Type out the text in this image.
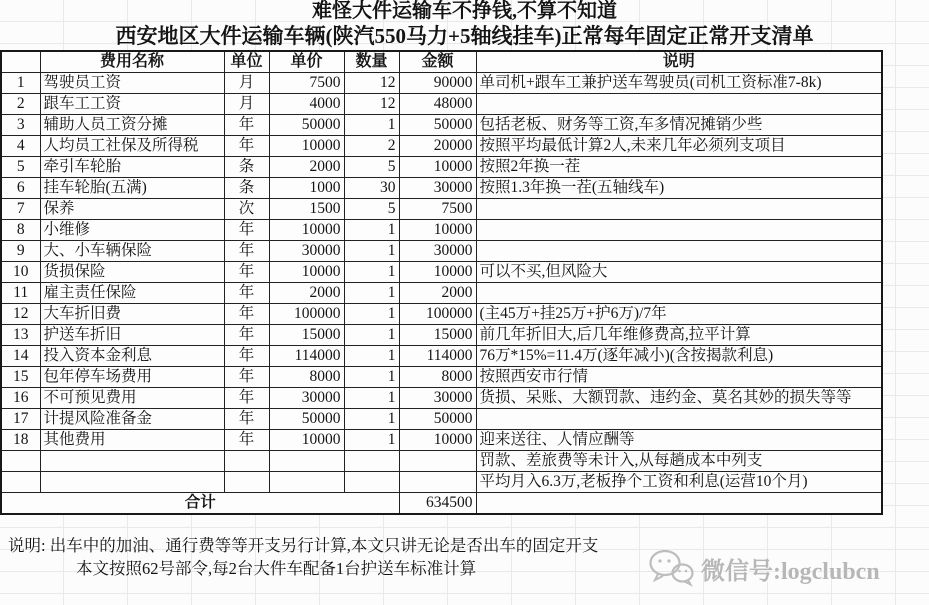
难怪大件运输车不挣钱,不算不知道
西安地区大件运输车辆(陕汽550马力+5轴线挂车)正常每年固定正常开支清单
	费用名称	单位	单价	数量	金额	说明
1	驾驶员工资	月	7500	12	90000	单司机+跟车工兼护送车驾驶员(司机工资标准7-8k)
2	跟车工工资	月	4000	12	48000	
3	辅助人员工资分摊	年	50000	1	50000	包括老板、财务等工资,车多情况摊销少些
4	人均员工社保及所得税	年	10000	2	20000	按照平均最低计算2人,未来几年必须列支项目
5	牵引车轮胎	条	2000	5	10000	按照2年换一茬
6	挂车轮胎(五满)	条	1000	30	30000	按照1.3年换一茬(五轴线车)
7	保养	次	1500	5	7500	
8	小维修	年	10000	1	10000	
9	大、小车辆保险	年	30000	1	30000	
10	货损保险	年	10000	1	10000	可以不买,但风险大
11	雇主责任保险	年	2000	1	2000	
12	大车折旧费	年	100000	1	100000	(主45万+挂25万+护6万)/7年
13	护送车折旧	年	15000	1	15000	前几年折旧大,后几年维修费高,拉平计算
14	投入资本金利息	年	114000	1	114000	76万*15%=11.4万(逐年减小)(含按揭款利息)
15	包年停车场费用	年	8000	1	8000	按照西安市行情
16	不可预见费用	年	30000	1	30000	货损、呆账、大额罚款、违约金、莫名其妙的损失等等
17	计提风险准备金	年	50000	1	50000	
18	其他费用	年	10000	1	10000	迎来送往、人情应酬等
						罚款、差旅费等未计入,从每趟成本中列支
						平均月入6.3万,老板挣个工资和利息(运营10个月)
合计					634500	
说明: 出车中的加油、通行费等等开支另行计算,本文只讲无论是否出车的固定开支
本文按照62号部令,每2台大件车配备1台护送车标准计算	微信号:logclubcn
